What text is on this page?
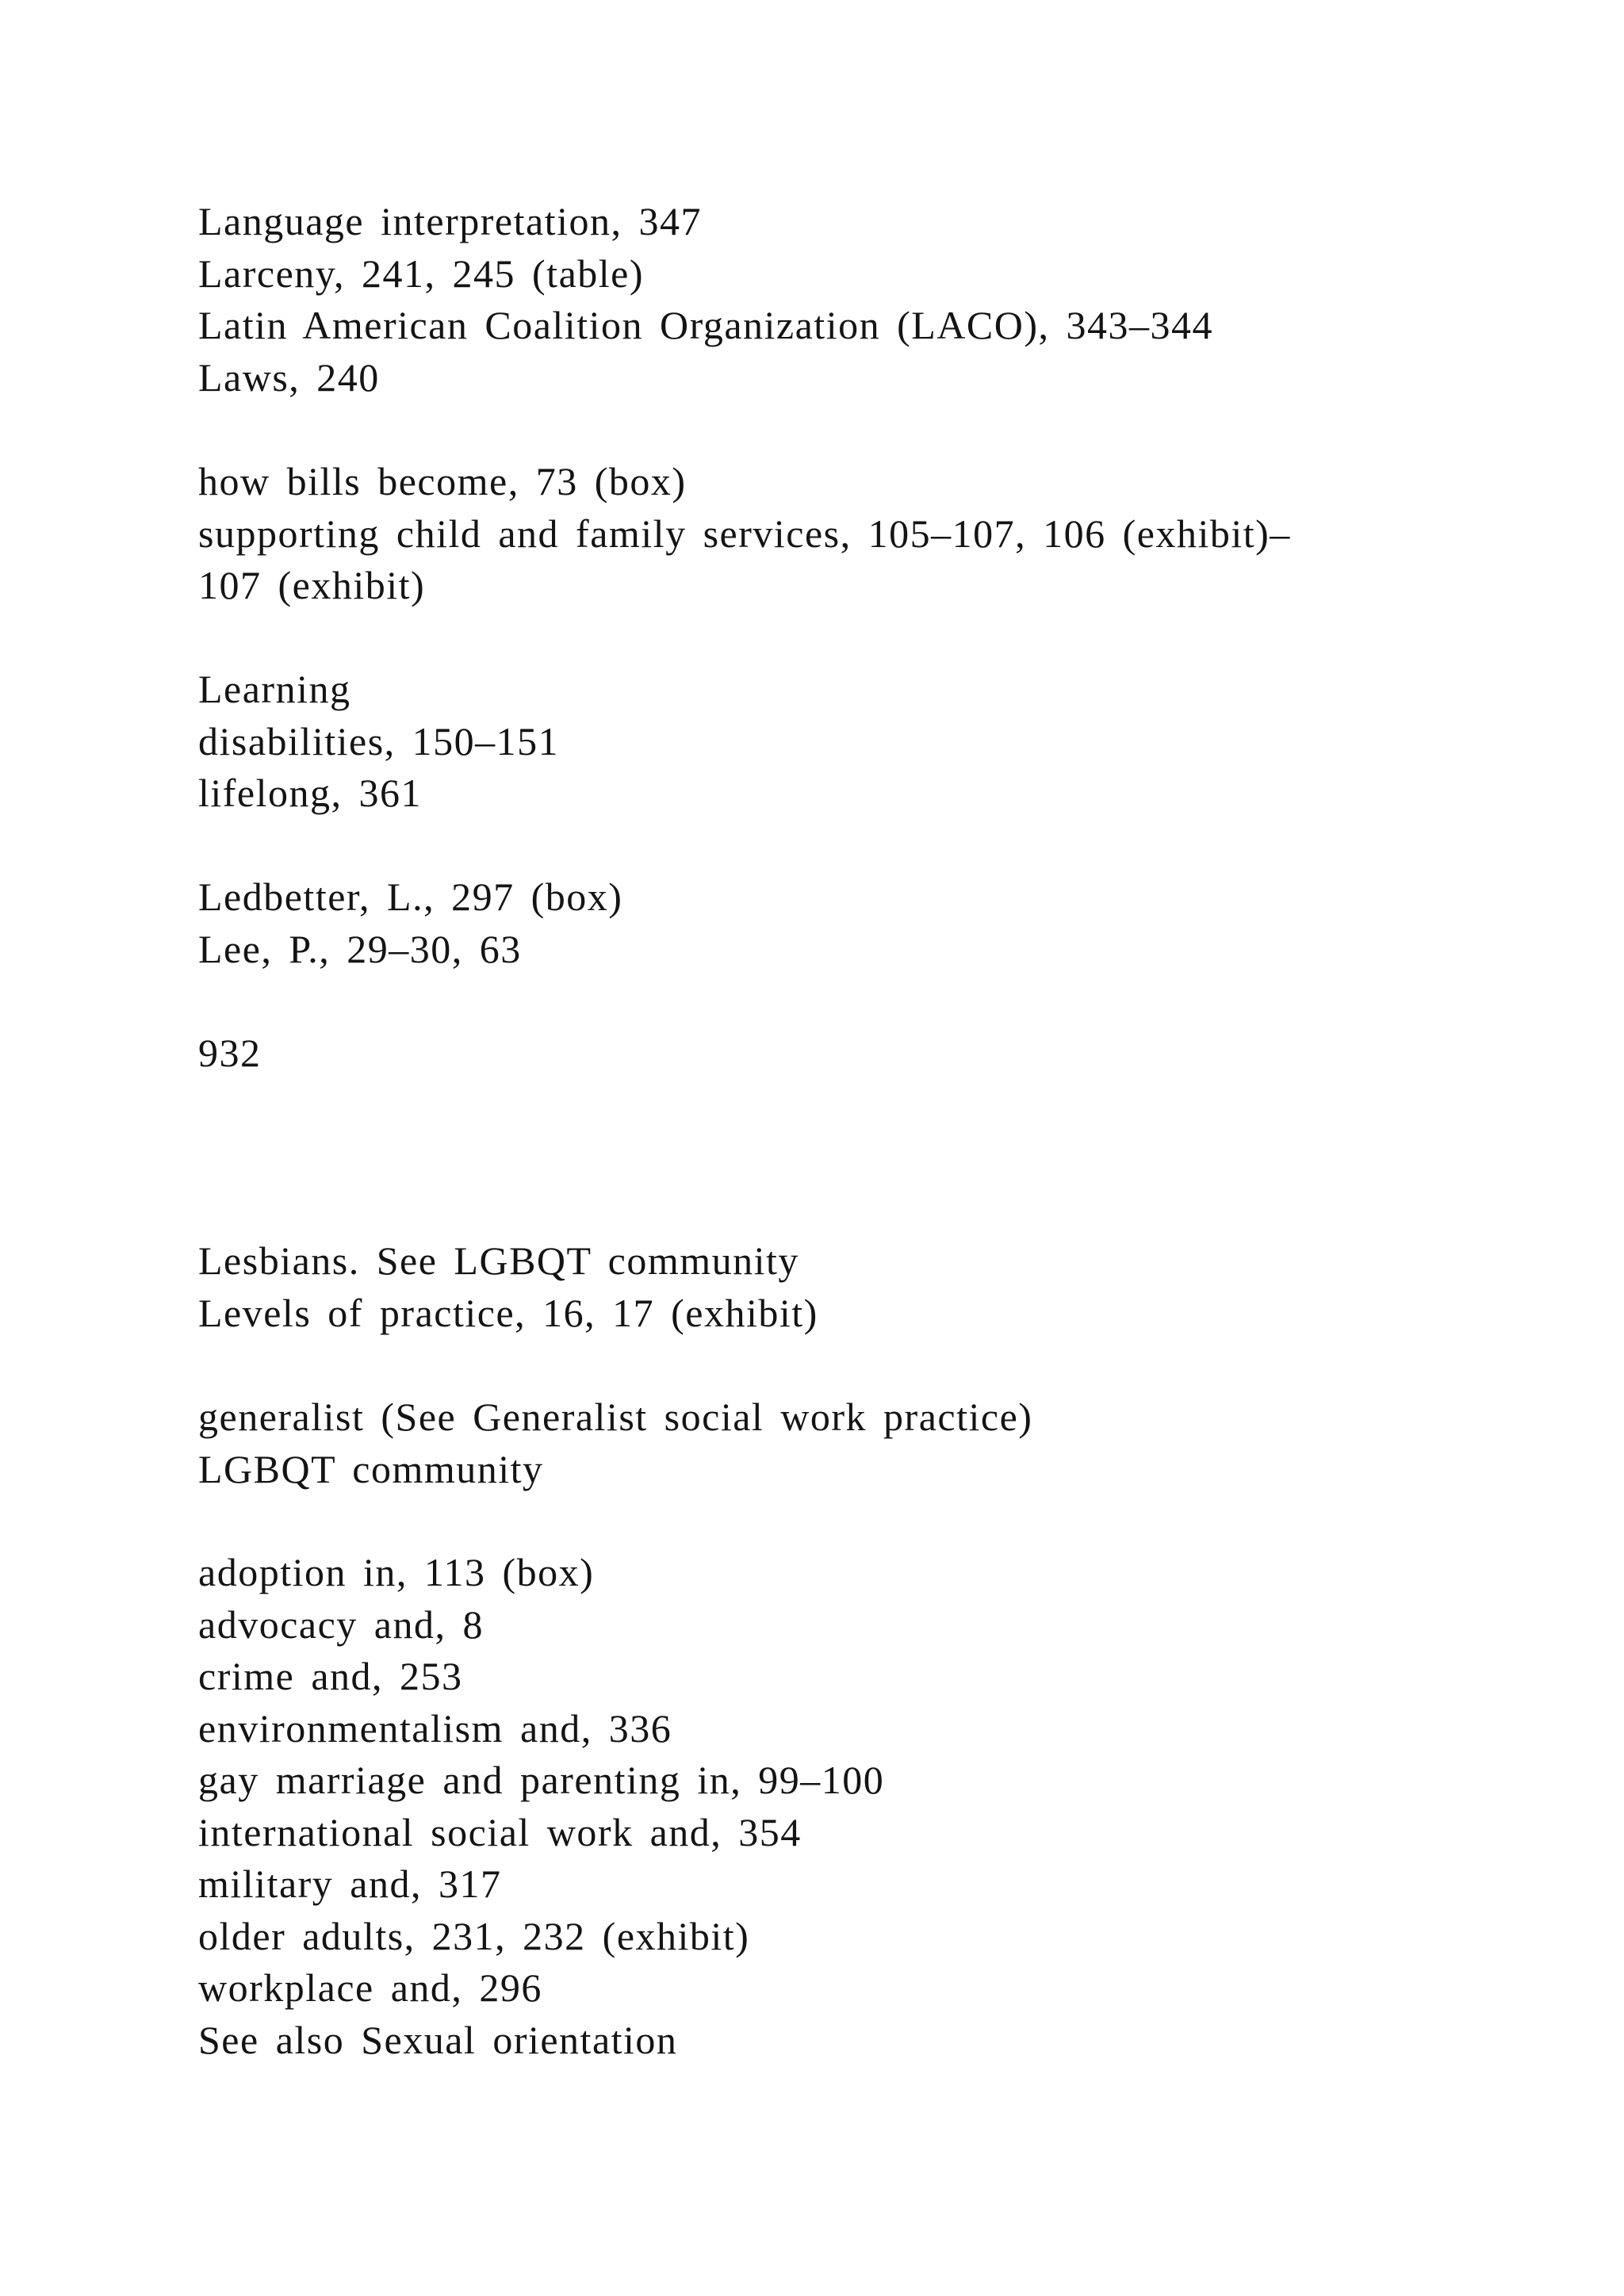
Language interpretation, 347
Larceny, 241, 245 (table)
Latin American Coalition Organization (LACO), 343–344
Laws, 240
how bills become, 73 (box)
supporting child and family services, 105–107, 106 (exhibit)–
107 (exhibit)
Learning
disabilities, 150–151
lifelong, 361
Ledbetter, L., 297 (box)
Lee, P., 29–30, 63
932
Lesbians. See LGBQT community
Levels of practice, 16, 17 (exhibit)
generalist (See Generalist social work practice)
LGBQT community
adoption in, 113 (box)
advocacy and, 8
crime and, 253
environmentalism and, 336
gay marriage and parenting in, 99–100
international social work and, 354
military and, 317
older adults, 231, 232 (exhibit)
workplace and, 296
See also Sexual orientation
